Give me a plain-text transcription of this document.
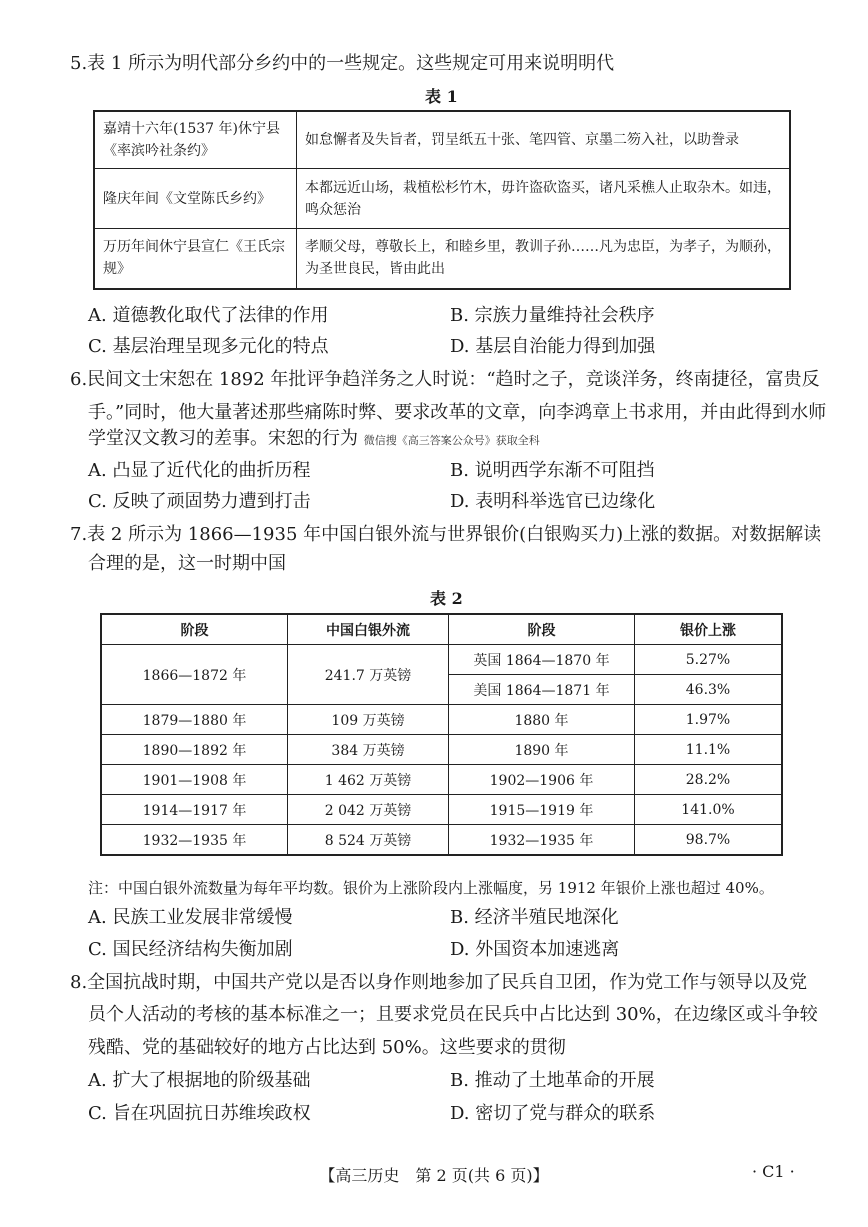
5.表 1 所示为明代部分乡约中的一些规定。这些规定可用来说明明代
表 1
嘉靖十六年(1537 年)休宁县《率滨吟社条约》	如怠懈者及失旨者，罚呈纸五十张、笔四管、京墨二笏入社，以助誊录
隆庆年间《文堂陈氏乡约》	本都远近山场，栽植松杉竹木，毋许盗砍盗买，诸凡采樵人止取杂木。如违，鸣众惩治
万历年间休宁县宣仁《王氏宗规》	孝顺父母，尊敬长上，和睦乡里，教训子孙……凡为忠臣，为孝子，为顺孙，为圣世良民，皆由此出
A. 道德教化取代了法律的作用	B. 宗族力量维持社会秩序
C. 基层治理呈现多元化的特点	D. 基层自治能力得到加强
6.民间文士宋恕在 1892 年批评争趋洋务之人时说：“趋时之子，竞谈洋务，终南捷径，富贵反
手。”同时，他大量著述那些痛陈时弊、要求改革的文章，向李鸿章上书求用，并由此得到水师
学堂汉文教习的差事。宋恕的行为 微信搜《高三答案公众号》获取全科
A. 凸显了近代化的曲折历程	B. 说明西学东渐不可阻挡
C. 反映了顽固势力遭到打击	D. 表明科举选官已边缘化
7.表 2 所示为 1866—1935 年中国白银外流与世界银价(白银购买力)上涨的数据。对数据解读
合理的是，这一时期中国
表 2
阶段	中国白银外流	阶段	银价上涨
1866—1872 年	241.7 万英镑	英国 1864—1870 年	5.27%
		美国 1864—1871 年	46.3%
1879—1880 年	109 万英镑	1880 年	1.97%
1890—1892 年	384 万英镑	1890 年	11.1%
1901—1908 年	1 462 万英镑	1902—1906 年	28.2%
1914—1917 年	2 042 万英镑	1915—1919 年	141.0%
1932—1935 年	8 524 万英镑	1932—1935 年	98.7%
注：中国白银外流数量为每年平均数。银价为上涨阶段内上涨幅度，另 1912 年银价上涨也超过 40%。
A. 民族工业发展非常缓慢	B. 经济半殖民地深化
C. 国民经济结构失衡加剧	D. 外国资本加速逃离
8.全国抗战时期，中国共产党以是否以身作则地参加了民兵自卫团，作为党工作与领导以及党
员个人活动的考核的基本标准之一；且要求党员在民兵中占比达到 30%，在边缘区或斗争较
残酷、党的基础较好的地方占比达到 50%。这些要求的贯彻
A. 扩大了根据地的阶级基础	B. 推动了土地革命的开展
C. 旨在巩固抗日苏维埃政权	D. 密切了党与群众的联系
【高三历史　第 2 页(共 6 页)】	· C1 ·
